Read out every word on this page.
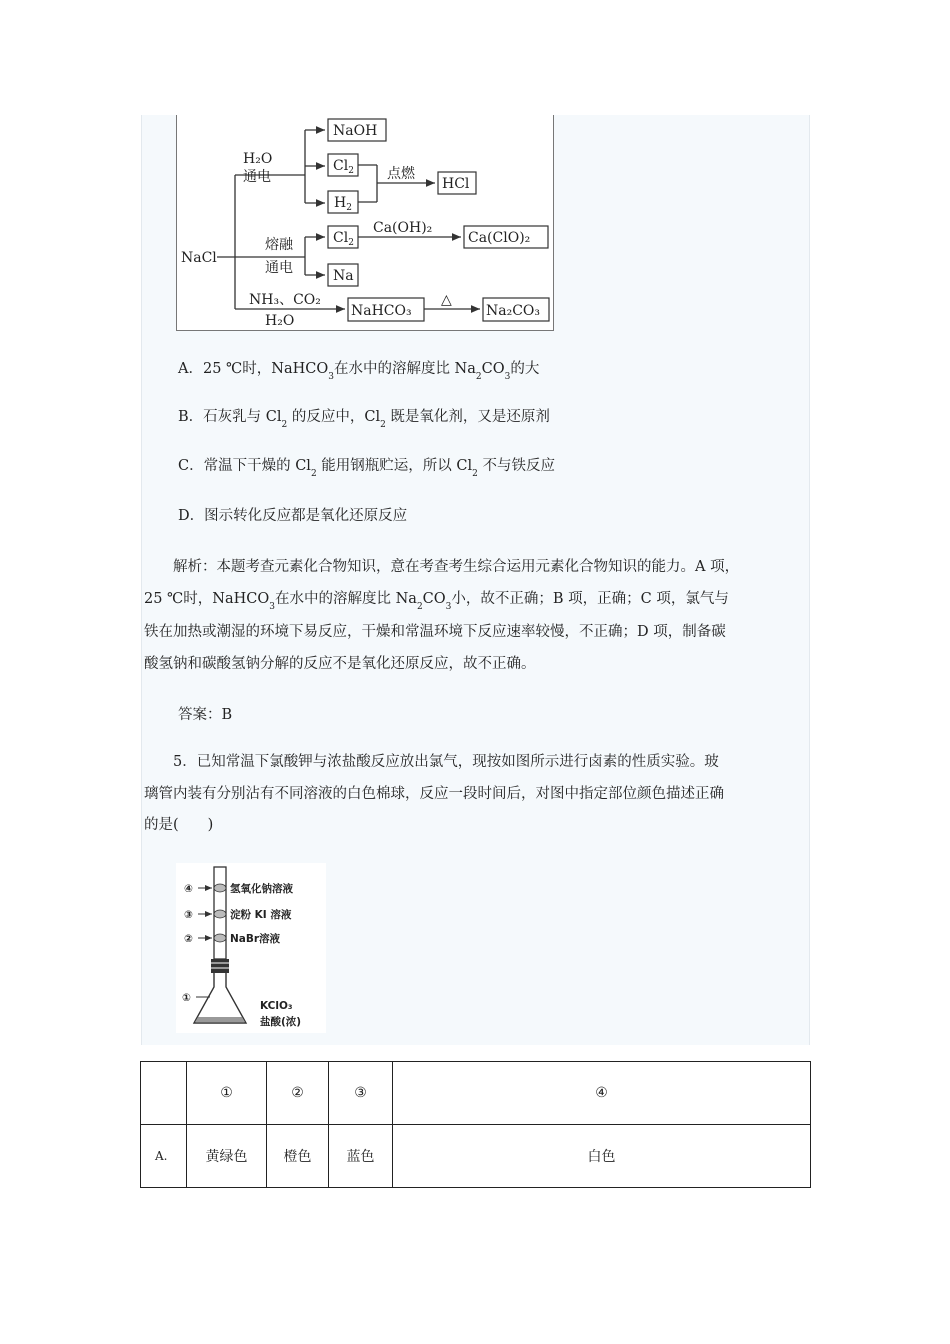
NaCl
H₂O
通电
熔融
通电
NH₃、CO₂
H₂O
NaOH
$Cl_2$
$H_2$
点燃
HCl
$Cl_2$
Ca(OH)₂
Ca(ClO)₂
Na
NaHCO₃
△
Na₂CO₃
A．25 ℃时，NaHCO$_3$在水中的溶解度比 $Na_2CO_3$的大
B．石灰乳与 $Cl_2$ 的反应中，$Cl_2$ 既是氧化剂，又是还原剂
C．常温下干燥的 $Cl_2$ 能用钢瓶贮运，所以 $Cl_2$ 不与铁反应
D．图示转化反应都是氧化还原反应
　　解析：本题考查元素化合物知识，意在考查考生综合运用元素化合物知识的能力。A 项，
25 ℃时，NaHCO$_3$在水中的溶解度比 $Na_2CO_3$小，故不正确；B 项，正确；C 项，氯气与
铁在加热或潮湿的环境下易反应，干燥和常温环境下反应速率较慢，不正确；D 项，制备碳
酸氢钠和碳酸氢钠分解的反应不是氧化还原反应，故不正确。
答案：B
　　5．已知常温下氯酸钾与浓盐酸反应放出氯气，现按如图所示进行卤素的性质实验。玻
璃管内装有分别沾有不同溶液的白色棉球，反应一段时间后，对图中指定部位颜色描述正确
的是(　　)
④
③
②
①
氢氧化钠溶液
淀粉 KI 溶液
NaBr溶液
KClO₃
盐酸(浓)
	①	②	③	④
A.	黄绿色	橙色	蓝色	白色
